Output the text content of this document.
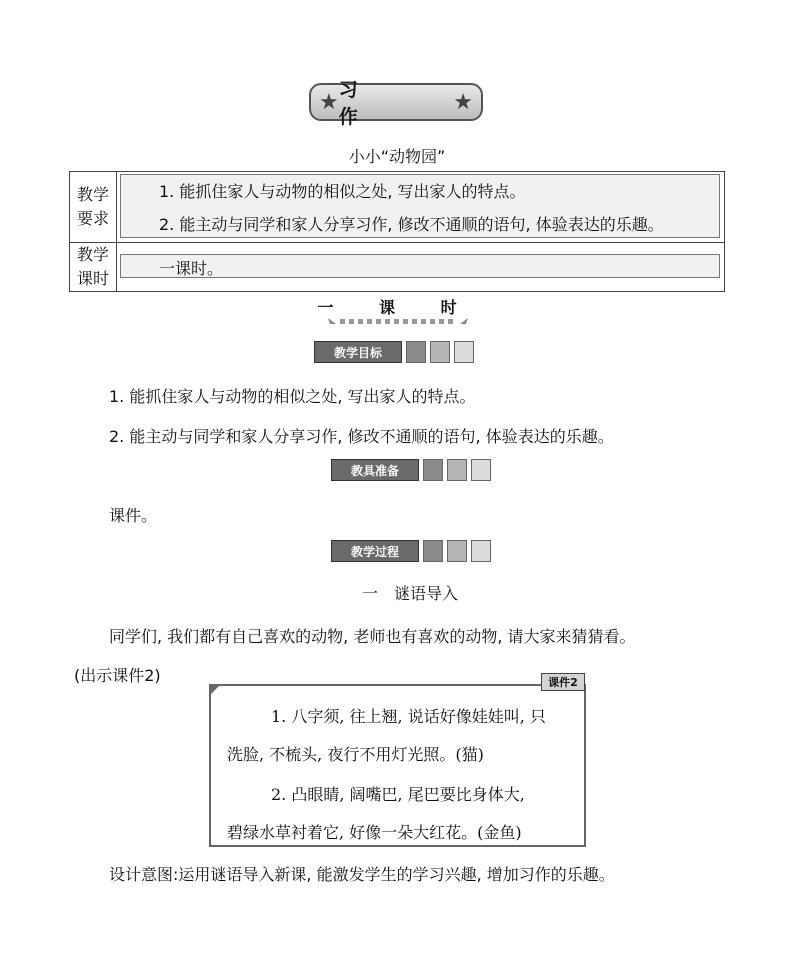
★ 习 作
★
小小“动物园”
教学
要求
1. 能抓住家人与动物的相似之处, 写出家人的特点。
2. 能主动与同学和家人分享习作, 修改不通顺的语句, 体验表达的乐趣。
教学
课时	一课时。
一 课 时
教学目标
1. 能抓住家人与动物的相似之处, 写出家人的特点。
2. 能主动与同学和家人分享习作, 修改不通顺的语句, 体验表达的乐趣。
教具准备
课件。
教学过程
一　谜语导入
同学们, 我们都有自己喜欢的动物, 老师也有喜欢的动物, 请大家来猜猜看。
(出示课件2)	课件2
1. 八字须, 往上翘, 说话好像娃娃叫, 只
洗脸, 不梳头, 夜行不用灯光照。(猫)
2. 凸眼睛, 阔嘴巴, 尾巴要比身体大,
碧绿水草衬着它, 好像一朵大红花。(金鱼)
设计意图:运用谜语导入新课, 能激发学生的学习兴趣, 增加习作的乐趣。
